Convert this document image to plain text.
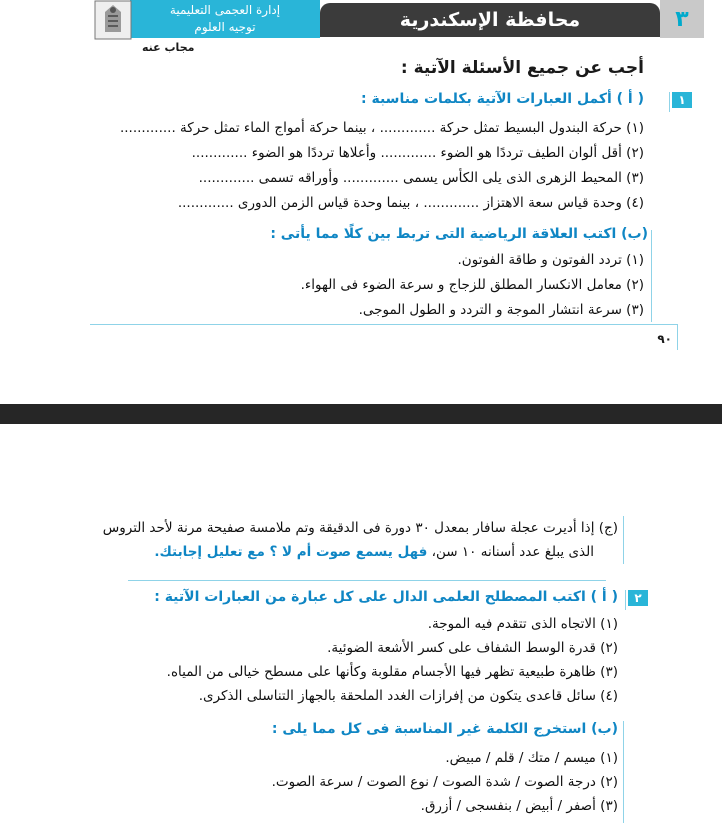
٣
محافظة الإسكندرية
إدارة العجمى التعليمية
توجيه العلوم
مجاب عنه
أجب عن جميع الأسئلة الآتية :
١
( أ ) أكمل العبارات الآتية بكلمات مناسبة :
(١) حركة البندول البسيط تمثل حركة ............. ، بينما حركة أمواج الماء تمثل حركة .............
(٢) أقل ألوان الطيف ترددًا هو الضوء ............. وأعلاها ترددًا هو الضوء .............
(٣) المحيط الزهرى الذى يلى الكأس يسمى ............. وأوراقه تسمى .............
(٤) وحدة قياس سعة الاهتزاز ............. ، بينما وحدة قياس الزمن الدورى .............
(ب) اكتب العلاقة الرياضية التى تربط بين كلًا مما يأتى :
(١) تردد الفوتون و طاقة الفوتون.
(٢) معامل الانكسار المطلق للزجاج و سرعة الضوء فى الهواء.
(٣) سرعة انتشار الموجة و التردد و الطول الموجى.
٩٠
(ج) إذا أديرت عجلة سافار بمعدل ٣٠ دورة فى الدقيقة وتم ملامسة صفيحة مرنة لأحد التروس
الذى يبلغ عدد أسنانه ١٠ سن، فهل يسمع صوت أم لا ؟ مع تعليل إجابتك.
٢
( أ ) اكتب المصطلح العلمى الدال على كل عبارة من العبارات الآتية :
(١) الاتجاه الذى تتقدم فيه الموجة.
(٢) قدرة الوسط الشفاف على كسر الأشعة الضوئية.
(٣) ظاهرة طبيعية تظهر فيها الأجسام مقلوبة وكأنها على مسطح خيالى من المياه.
(٤) سائل قاعدى يتكون من إفرازات الغدد الملحقة بالجهاز التناسلى الذكرى.
(ب) استخرج الكلمة غير المناسبة فى كل مما يلى :
(١) ميسم / متك / قلم / مبيض.
(٢) درجة الصوت / شدة الصوت / نوع الصوت / سرعة الصوت.
(٣) أصفر / أبيض / بنفسجى / أزرق.
